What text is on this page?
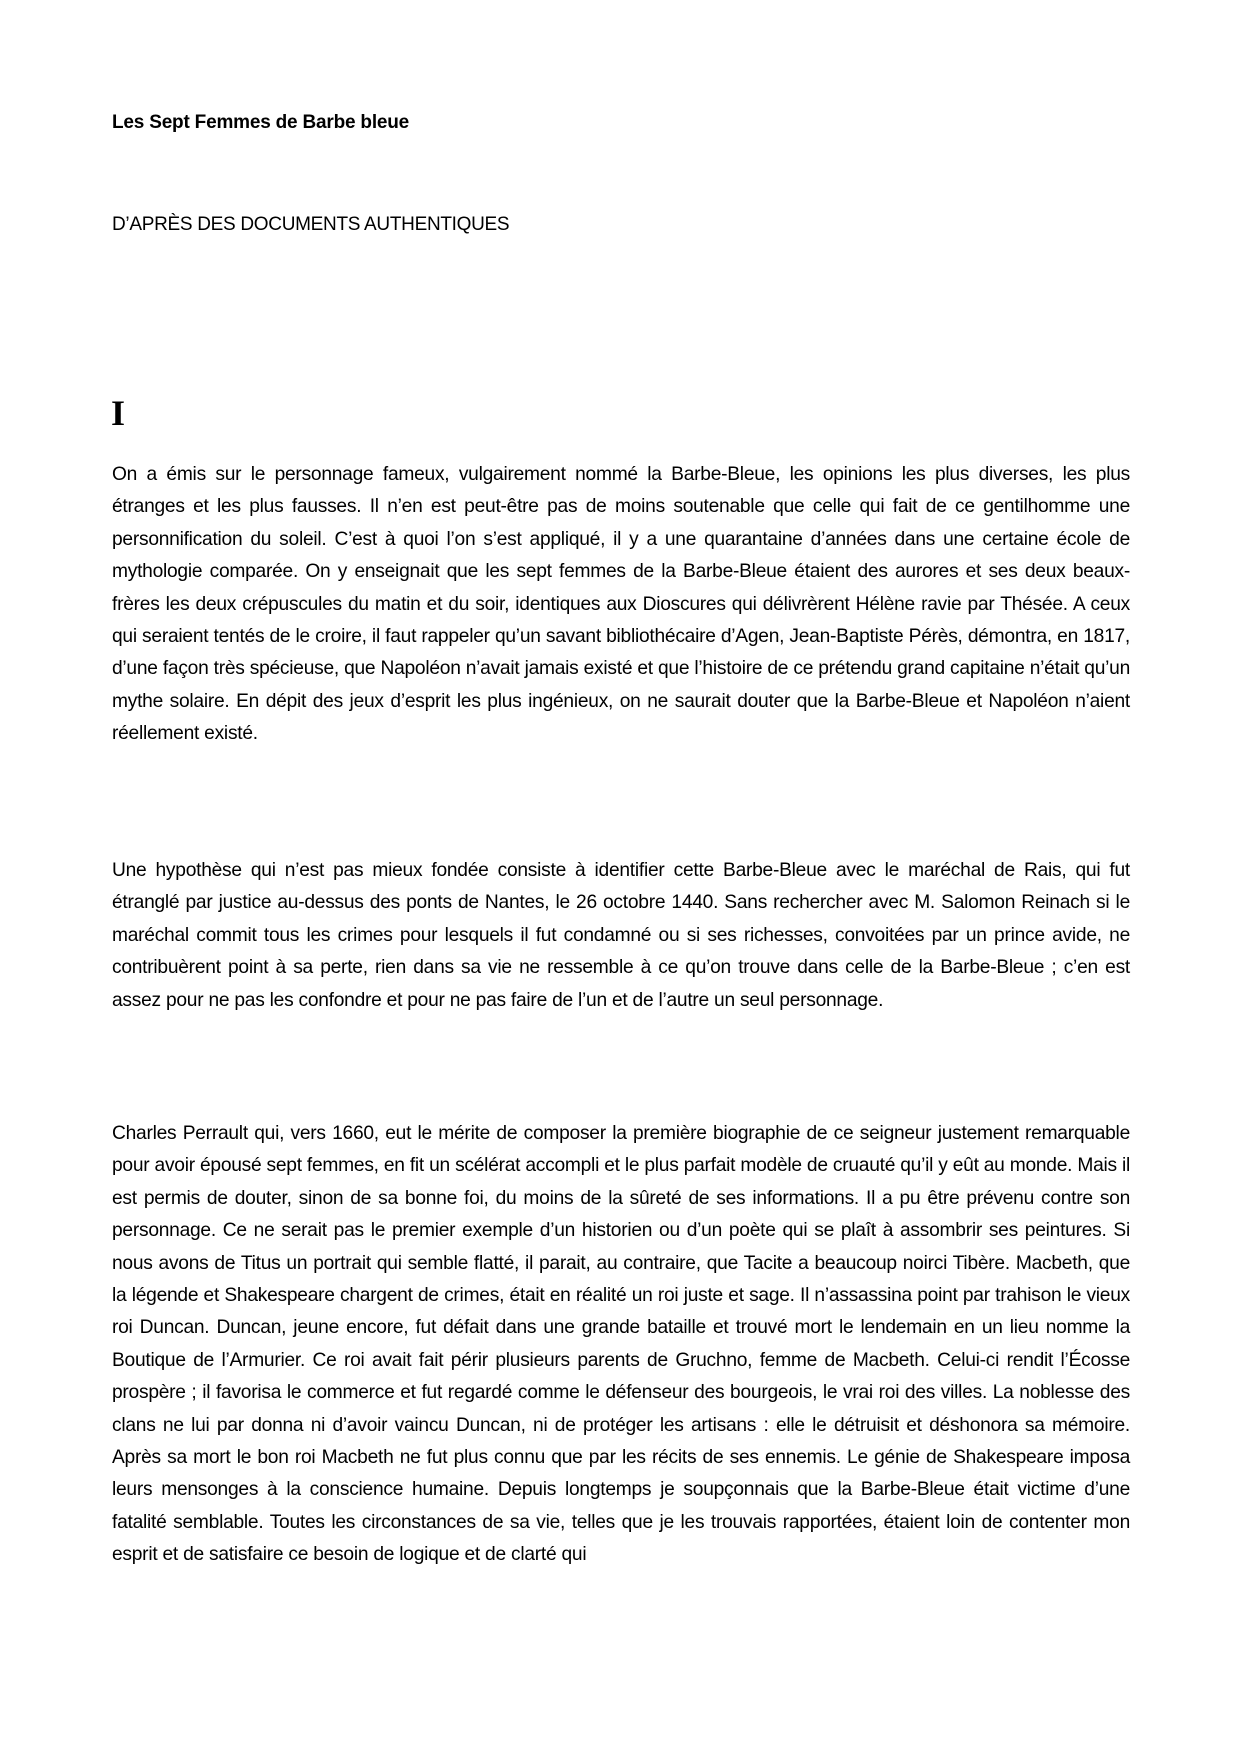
Les Sept Femmes de Barbe bleue
D’APRÈS DES DOCUMENTS AUTHENTIQUES
I

On a émis sur le personnage fameux, vulgairement nommé la Barbe-Bleue, les opinions les plus diverses, les plus étranges et les plus fausses. Il n’en est peut-être pas de moins soutenable que celle qui fait de ce gentilhomme une personnification du soleil. C’est à quoi l’on s’est appliqué, il y a une quarantaine d’années dans une certaine école de mythologie comparée. On y enseignait que les sept femmes de la Barbe-Bleue étaient des aurores et ses deux beaux-frères les deux crépuscules du matin et du soir, identiques aux Dioscures qui délivrèrent Hélène ravie par Thésée. A ceux qui seraient tentés de le croire, il faut rappeler qu’un savant bibliothécaire d’Agen, Jean-Baptiste Pérès, démontra, en 1817, d’une façon très spécieuse, que Napoléon n’avait jamais existé et que l’histoire de ce prétendu grand capitaine n’était qu’un mythe solaire. En dépit des jeux d’esprit les plus ingénieux, on ne saurait douter que la Barbe-Bleue et Napoléon n’aient réellement existé.

Une hypothèse qui n’est pas mieux fondée consiste à identifier cette Barbe-Bleue avec le maréchal de Rais, qui fut étranglé par justice au-dessus des ponts de Nantes, le 26 octobre 1440. Sans rechercher avec M. Salomon Reinach si le maréchal commit tous les crimes pour lesquels il fut condamné ou si ses richesses, convoitées par un prince avide, ne contribuèrent point à sa perte, rien dans sa vie ne ressemble à ce qu’on trouve dans celle de la Barbe-Bleue ; c’en est assez pour ne pas les confondre et pour ne pas faire de l’un et de l’autre un seul personnage.

Charles Perrault qui, vers 1660, eut le mérite de composer la première biographie de ce seigneur justement remarquable pour avoir épousé sept femmes, en fit un scélérat accompli et le plus parfait modèle de cruauté qu’il y eût au monde. Mais il est permis de douter, sinon de sa bonne foi, du moins de la sûreté de ses informations. Il a pu être prévenu contre son personnage. Ce ne serait pas le premier exemple d’un historien ou d’un poète qui se plaît à assombrir ses peintures. Si nous avons de Titus un portrait qui semble flatté, il parait, au contraire, que Tacite a beaucoup noirci Tibère. Macbeth, que la légende et Shakespeare chargent de crimes, était en réalité un roi juste et sage. Il n’assassina point par trahison le vieux roi Duncan. Duncan, jeune encore, fut défait dans une grande bataille et trouvé mort le lendemain en un lieu nomme la Boutique de l’Armurier. Ce roi avait fait périr plusieurs parents de Gruchno, femme de Macbeth. Celui-ci rendit l’Écosse prospère ; il favorisa le commerce et fut regardé comme le défenseur des bourgeois, le vrai roi des villes. La noblesse des clans ne lui par donna ni d’avoir vaincu Duncan, ni de protéger les artisans : elle le détruisit et déshonora sa mémoire. Après sa mort le bon roi Macbeth ne fut plus connu que par les récits de ses ennemis. Le génie de Shakespeare imposa leurs mensonges à la conscience humaine. Depuis longtemps je soupçonnais que la Barbe-Bleue était victime d’une fatalité semblable. Toutes les circonstances de sa vie, telles que je les trouvais rapportées, étaient loin de contenter mon esprit et de satisfaire ce besoin de logique et de clarté qui
